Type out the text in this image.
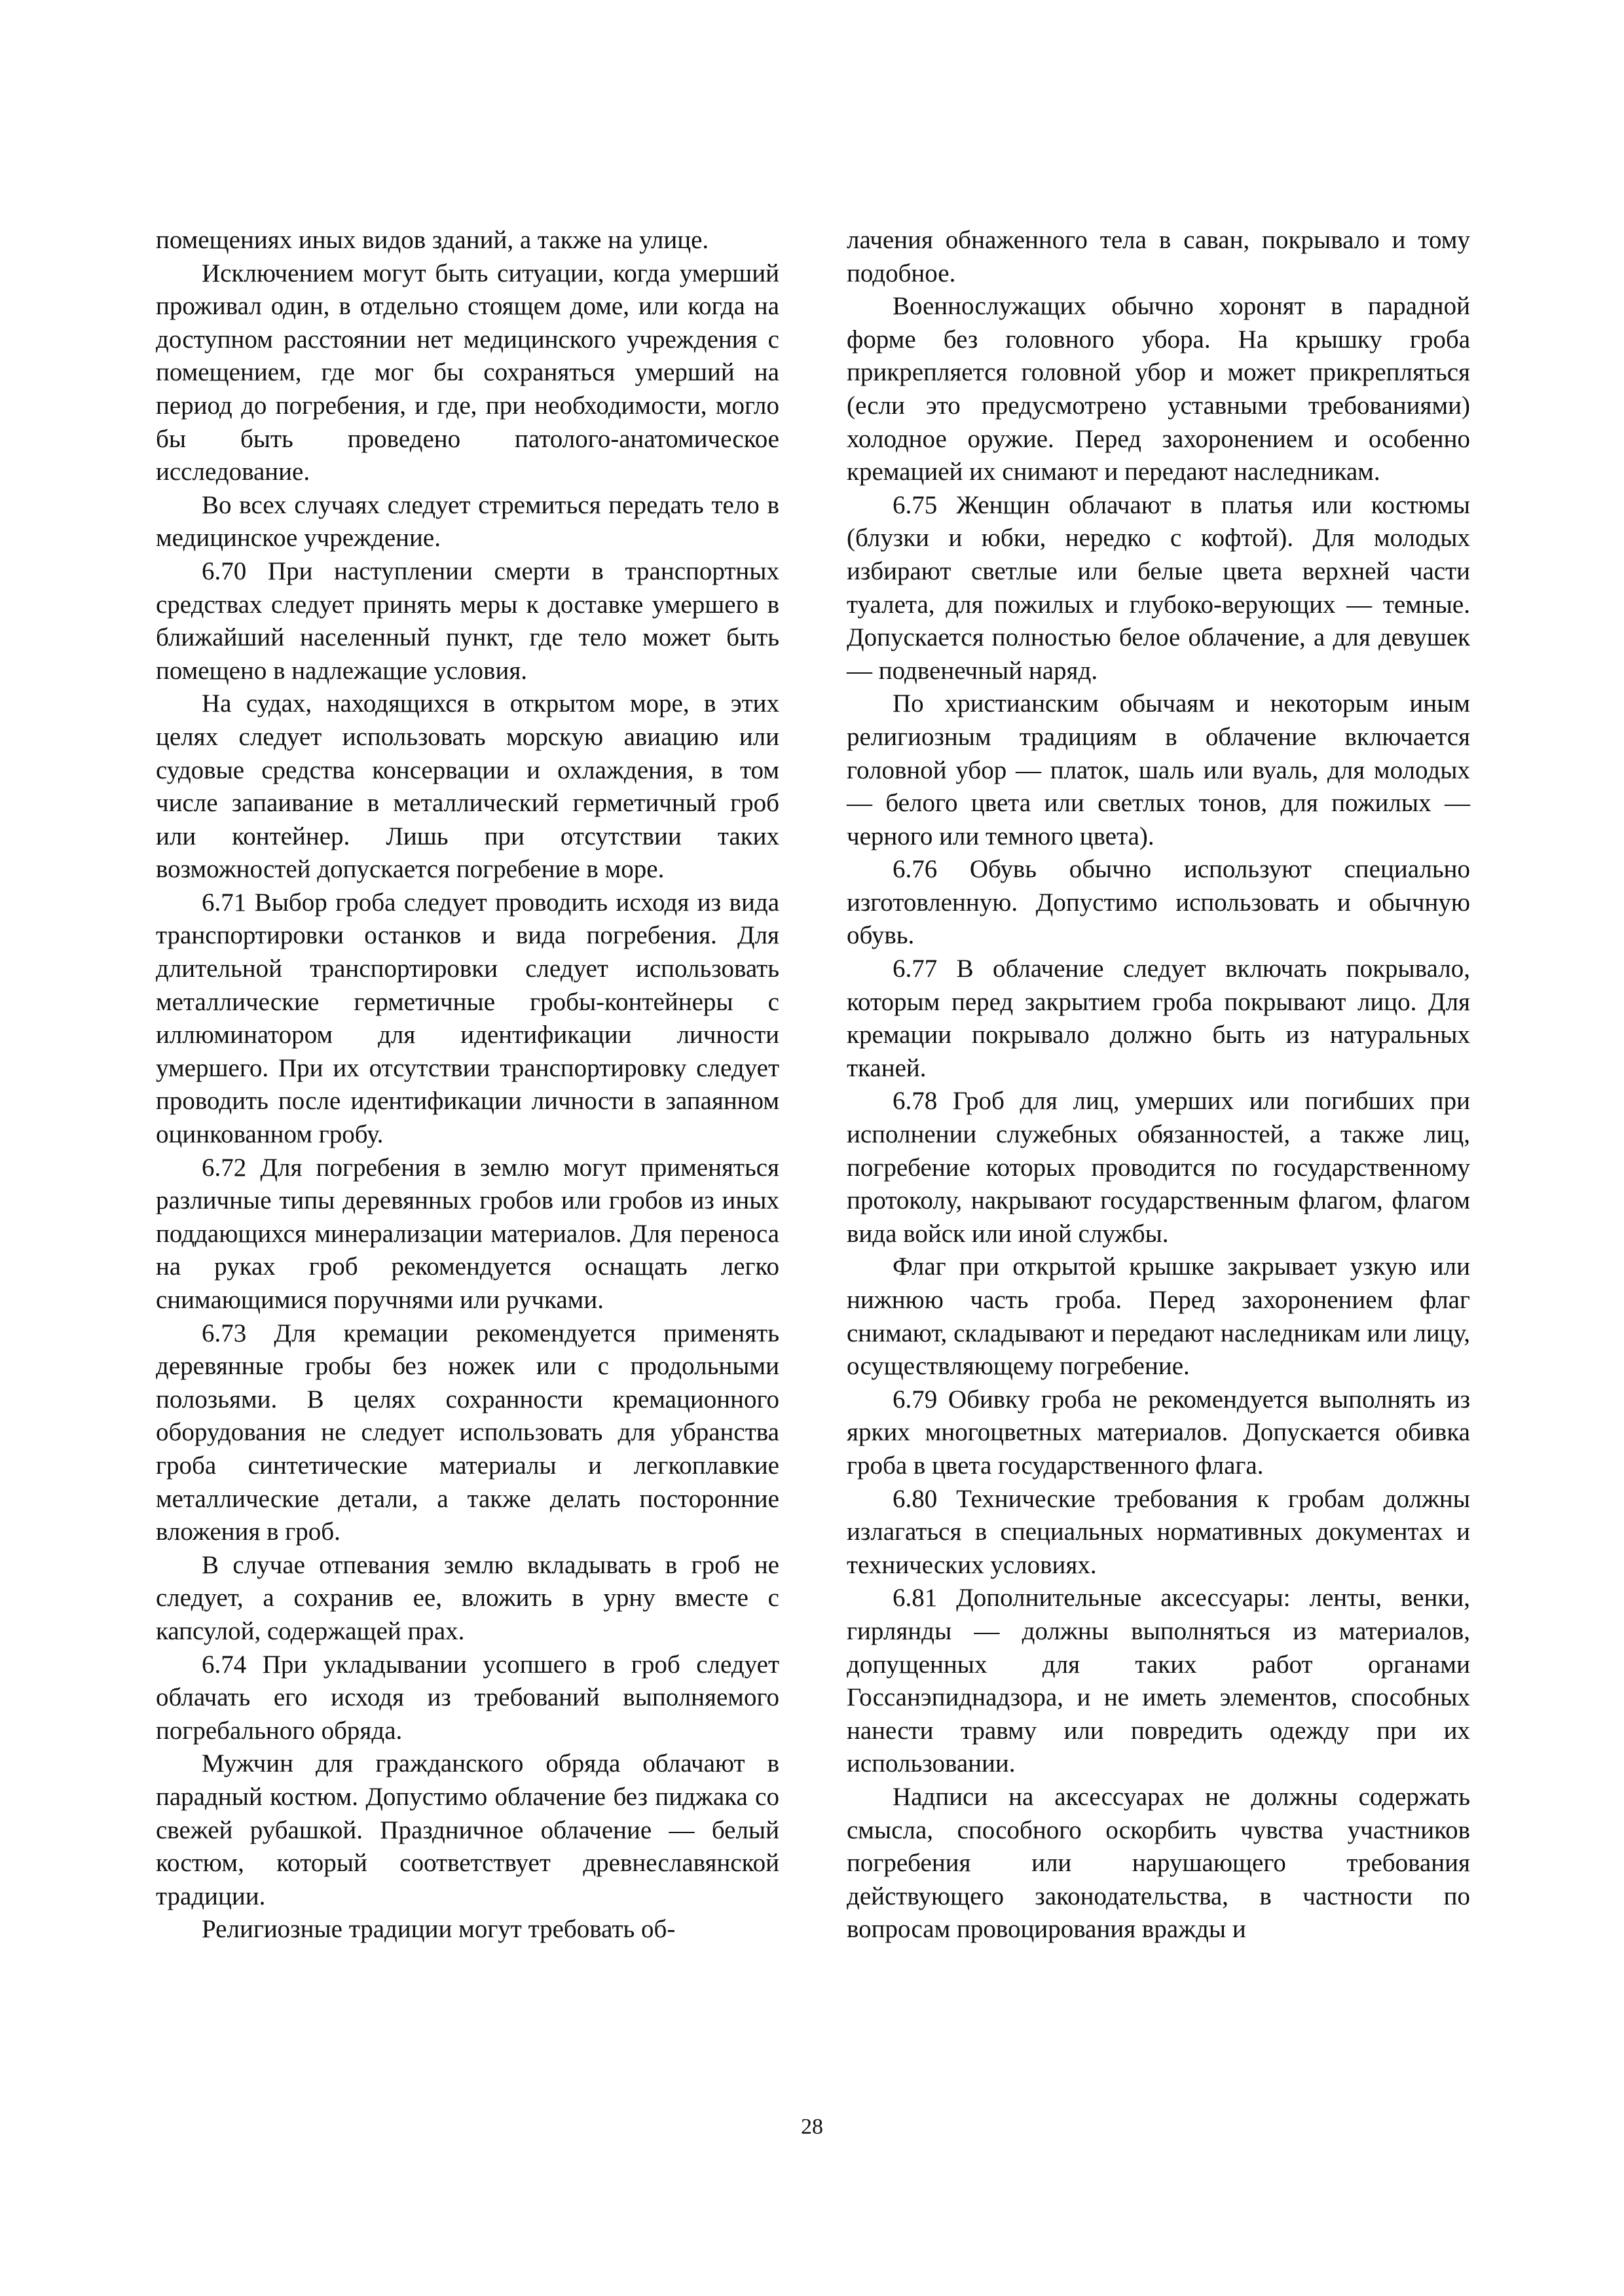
помещениях иных видов зданий, а также на улице.

Исключением могут быть ситуации, когда умерший проживал один, в отдельно стоящем доме, или когда на доступном расстоянии нет медицинского учреждения с помещением, где мог бы сохраняться умерший на период до погребения, и где, при необходимости, могло бы быть проведено патолого-анатомическое исследование.

Во всех случаях следует стремиться передать тело в медицинское учреждение.

6.70 При наступлении смерти в транспортных средствах следует принять меры к доставке умершего в ближайший населенный пункт, где тело может быть помещено в надлежащие условия.

На судах, находящихся в открытом море, в этих целях следует использовать морскую авиацию или судовые средства консервации и охлаждения, в том числе запаивание в металлический герметичный гроб или контейнер. Лишь при отсутствии таких возможностей допускается погребение в море.

6.71 Выбор гроба следует проводить исходя из вида транспортировки останков и вида погребения. Для длительной транспортировки следует использовать металлические герметичные гробы-контейнеры с иллюминатором для идентификации личности умершего. При их отсутствии транспортировку следует проводить после идентификации личности в запаянном оцинкованном гробу.

6.72 Для погребения в землю могут применяться различные типы деревянных гробов или гробов из иных поддающихся минерализации материалов. Для переноса на руках гроб рекомендуется оснащать легко снимающимися поручнями или ручками.

6.73 Для кремации рекомендуется применять деревянные гробы без ножек или с продольными полозьями. В целях сохранности кремационного оборудования не следует использовать для убранства гроба синтетические материалы и легкоплавкие металлические детали, а также делать посторонние вложения в гроб.

В случае отпевания землю вкладывать в гроб не следует, а сохранив ее, вложить в урну вместе с капсулой, содержащей прах.

6.74 При укладывании усопшего в гроб следует облачать его исходя из требований выполняемого погребального обряда.

Мужчин для гражданского обряда облачают в парадный костюм. Допустимо облачение без пиджака со свежей рубашкой. Праздничное облачение — белый костюм, который соответствует древнеславянской традиции.

Религиозные традиции могут требовать об-

лачения обнаженного тела в саван, покрывало и тому подобное.

Военнослужащих обычно хоронят в парадной форме без головного убора. На крышку гроба прикрепляется головной убор и может прикрепляться (если это предусмотрено уставными требованиями) холодное оружие. Перед захоронением и особенно кремацией их снимают и передают наследникам.

6.75 Женщин облачают в платья или костюмы (блузки и юбки, нередко с кофтой). Для молодых избирают светлые или белые цвета верхней части туалета, для пожилых и глубоко-верующих — темные. Допускается полностью белое облачение, а для девушек — подвенечный наряд.

По христианским обычаям и некоторым иным религиозным традициям в облачение включается головной убор — платок, шаль или вуаль, для молодых — белого цвета или светлых тонов, для пожилых — черного или темного цвета).

6.76 Обувь обычно используют специально изготовленную. Допустимо использовать и обычную обувь.

6.77 В облачение следует включать покрывало, которым перед закрытием гроба покрывают лицо. Для кремации покрывало должно быть из натуральных тканей.

6.78 Гроб для лиц, умерших или погибших при исполнении служебных обязанностей, а также лиц, погребение которых проводится по государственному протоколу, накрывают государственным флагом, флагом вида войск или иной службы.

Флаг при открытой крышке закрывает узкую или нижнюю часть гроба. Перед захоронением флаг снимают, складывают и передают наследникам или лицу, осуществляющему погребение.

6.79 Обивку гроба не рекомендуется выполнять из ярких многоцветных материалов. Допускается обивка гроба в цвета государственного флага.

6.80 Технические требования к гробам должны излагаться в специальных нормативных документах и технических условиях.

6.81 Дополнительные аксессуары: ленты, венки, гирлянды — должны выполняться из материалов, допущенных для таких работ органами Госсанэпиднадзора, и не иметь элементов, способных нанести травму или повредить одежду при их использовании.

Надписи на аксессуарах не должны содержать смысла, способного оскорбить чувства участников погребения или нарушающего требования действующего законодательства, в частности по вопросам провоцирования вражды и

28
